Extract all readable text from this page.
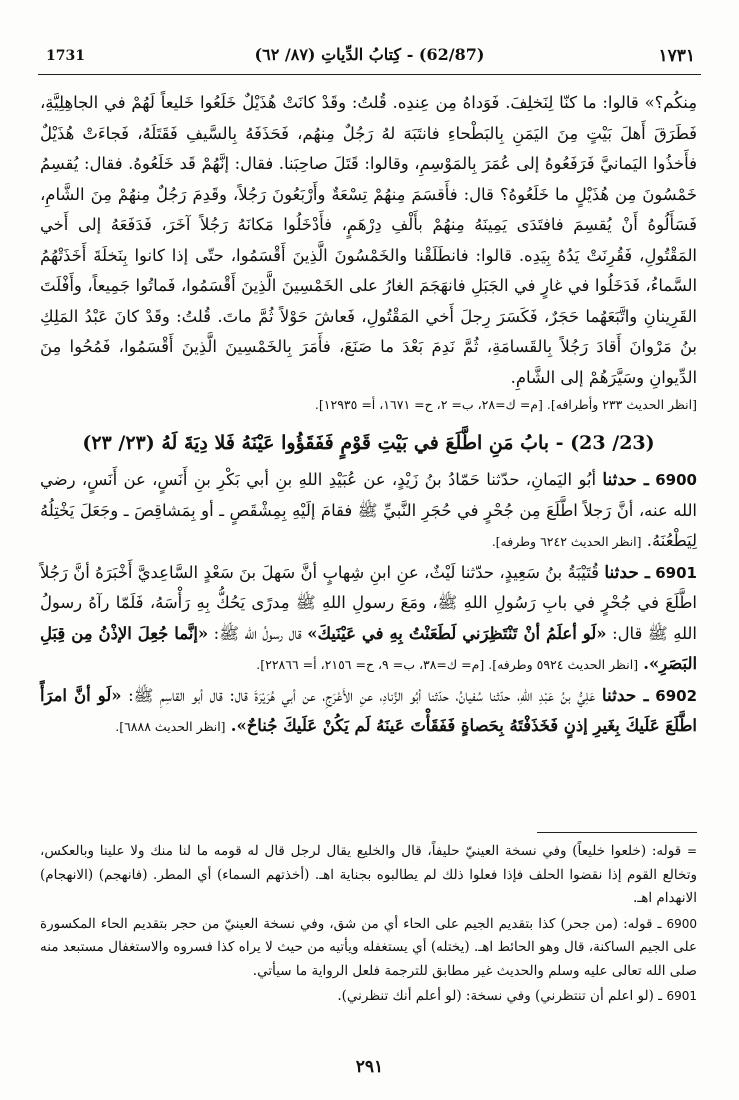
1731	(62/87) - كِتابُ الدِّياتِ (٨٧/ ٦٢)	١٧٣١

مِنكُم؟» قالوا: ما كنّا لِنَخلِفَ. فَوَداهُ مِن عِندِه. قُلتُ: وقَدْ كانَتْ هُذَيْلٌ خَلَعُوا خَليعاً لَهُمْ في الجاهِلِيَّةِ، فَطَرَقَ أَهلَ بَيْتٍ مِنَ اليَمَنِ بِالبَطْحاءِ فانتَبَهَ لهُ رَجُلٌ مِنهُم، فَحَذَفَهُ بِالسَّيفِ فَقَتَلَهُ، فَجاءَتْ هُذَيْلٌ فأَخذُوا اليَمانيَّ فَرَفَعُوهُ إلى عُمَرَ بِالمَوْسِمِ، وقالوا: قَتَلَ صاحِبَنا. فقال: إنَّهُمْ قَد خَلَعُوهُ. فقال: يُقسِمُ خَمْسُونَ مِن هُذَيْلٍ ما خَلَعُوهُ؟ قال: فأَقسَمَ مِنهُمْ تِسْعَةٌ وأَرْبَعُونَ رَجُلاً، وقَدِمَ رَجُلٌ مِنهُمْ مِنَ الشَّامِ، فَسَأَلُوهُ أَنْ يُقسِمَ فافتَدَى يَمِينَهُ مِنهُمْ بأَلْفِ دِرْهَمٍ، فأَدْخَلُوا مَكانَهُ رَجُلاً آخَرَ، فَدَفَعَهُ إلى أَخي المَقْتُولِ، فَقُرِنَتْ يَدُهُ بِيَدِه. قالوا: فانطَلَقْنا والخَمْسُونَ الَّذِينَ أَقْسَمُوا، حتّى إذا كانوا بِنَخلَةَ أَخَذَتْهُمُ السَّماءُ، فَدَخَلُوا في غارٍ في الجَبَلِ فانهَجَمَ الغارُ على الخَمْسِينَ الَّذِينَ أَقْسَمُوا، فَماتُوا جَمِيعاً، وأَفْلَتَ القَرِينانِ واتَّبَعَهُما حَجَرٌ، فَكَسَرَ رِجلَ أَخي المَقْتُولِ، فَعاشَ حَوْلاً ثُمَّ ماتَ. قُلتُ: وقَدْ كانَ عَبْدُ المَلِكِ بنُ مَرْوانَ أَقادَ رَجُلاً بِالقَسامَةِ، ثُمَّ نَدِمَ بَعْدَ ما صَنَعَ، فأَمَرَ بِالخَمْسِينَ الَّذِينَ أَقْسَمُوا، فَمُحُوا مِنَ الدِّيوانِ وسَيَّرَهُمْ إلى الشَّامِ.

[انظر الحديث ٢٣٣ وأطرافه]. [م= ك=٢٨، ب= ٢، ح= ١٦٧١، أ= ١٢٩٣٥].
(23/ 23) - بابُ مَنِ اطَّلَعَ في بَيْتِ قَوْمٍ فَفَقَؤُوا عَيْنَهُ فَلا دِيَةَ لَهُ (٢٣/ ٢٣)

6900 ـ حدثنا أبُو اليَمانِ، حدّثنا حَمّادُ بنُ زَيْدٍ، عن عُبَيْدِ اللهِ بنِ أبي بَكْرِ بنِ أَنَسٍ، عن أَنَسٍ، رضي الله عنه، أنَّ رَجلاً اطَّلَعَ مِن جُحْرٍ في حُجَرِ النَّبيِّ ﷺ فقامَ إلَيْهِ بِمِشْقَصٍ ـ أو بِمَشاقِصَ ـ وجَعَلَ يَخْتِلُهُ لِيَطْعُنَهُ. [انظر الحديث ٦٢٤٢ وطرفه].

6901 ـ حدثنا قُتَيْبَةُ بنُ سَعِيدٍ، حدّثنا لَيْثٌ، عنِ ابنِ شِهابٍ أنَّ سَهلَ بنَ سَعْدٍ السَّاعِديَّ أَخْبَرَهُ أنَّ رَجُلاً اطَّلَعَ في جُحْرٍ في بابِ رَسُولِ اللهِ ﷺ، ومَعَ رسولِ اللهِ ﷺ مِدرًى يَحُكُّ بِهِ رَأْسَهُ، فَلَمّا رآهُ رسولُ اللهِ ﷺ قال: «لَو أعلَمُ أنْ تَنْتَظِرَني لَطَعَنْتُ بِهِ في عَيْنَيكَ» قال رسولُ الله ﷺ: «إنَّما جُعِلَ الإذْنُ مِن قِبَلِ البَصَرِ». [انظر الحديث ٥٩٢٤ وطرفه]. [م= ك=٣٨، ب= ٩، ح= ٢١٥٦، أ= ٢٢٨٦٦].

6902 ـ حدثنا عَلِيُّ بنُ عَبْدِ اللهِ، حدّثنا سُفيانُ، حدّثنا أبُو الزِّنادِ، عنِ الأَعْرَجِ، عن أبي هُرَيْرَةَ قال: قال أبو القاسِمِ ﷺ: «لَو أنَّ امرَأً اطَّلَعَ عَلَيكَ بِغَيرِ إذنٍ فَخَذَفْتَهُ بِحَصاةٍ فَفَقَأْتَ عَينَهُ لَم يَكُنْ عَلَيكَ جُناحٌ». [انظر الحديث ٦٨٨٨].

= قوله: (خلعوا خليعاً) وفي نسخة العينيّ حليفاً، قال والخليع يقال لرجل قال له قومه ما لنا منك ولا علينا وبالعكس، وتخالع القوم إذا نقضوا الحلف فإذا فعلوا ذلك لم يطالبوه بجناية اهـ. (أخذتهم السماء) أي المطر. (فانهجم) (الانهجام) الانهدام اهـ.

6900 ـ قوله: (من جحر) كذا بتقديم الجيم على الحاء أي من شق، وفي نسخة العينيّ من حجر بتقديم الحاء المكسورة على الجيم الساكنة، قال وهو الحائط اهـ. (يختله) أي يستغفله ويأتيه من حيث لا يراه كذا فسروه والاستغفال مستبعد منه صلى الله تعالى عليه وسلم والحديث غير مطابق للترجمة فلعل الرواية ما سيأتي.

6901 ـ (لو اعلم أن تنتظرني) وفي نسخة: (لو أعلم أنك تنظرني).

٢٩١
